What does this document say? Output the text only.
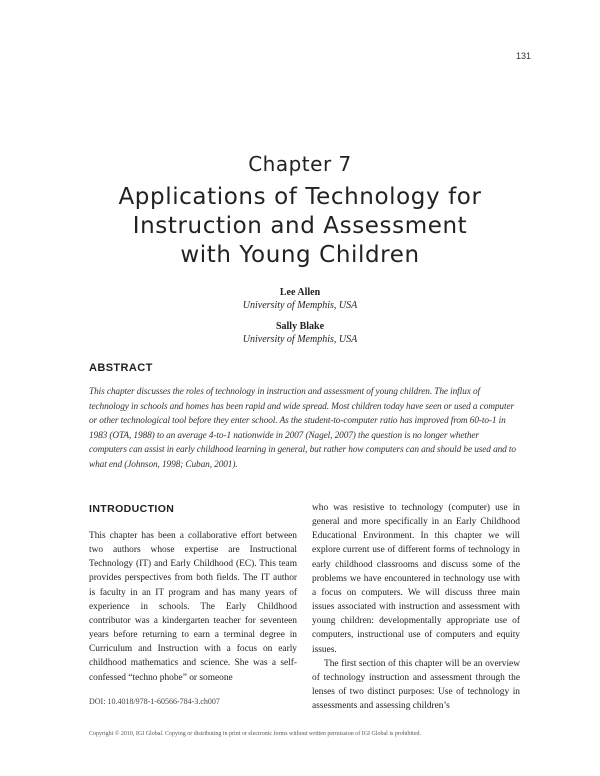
131
Chapter 7
Applications of Technology for
Instruction and Assessment
with Young Children
Lee Allen
University of Memphis, USA
Sally Blake
University of Memphis, USA
ABSTRACT
This chapter discusses the roles of technology in instruction and assessment of young children. The influx of technology in schools and homes has been rapid and wide spread. Most children today have seen or used a computer or other technological tool before they enter school. As the student-to-computer ratio has improved from 60-to-1 in 1983 (OTA, 1988) to an average 4-to-1 nationwide in 2007 (Nagel, 2007) the question is no longer whether computers can assist in early childhood learning in general, but rather how computers can and should be used and to what end (Johnson, 1998; Cuban, 2001).
INTRODUCTION

This chapter has been a collaborative effort between two authors whose expertise are Instructional Technology (IT) and Early Childhood (EC). This team provides perspectives from both fields. The IT author is faculty in an IT program and has many years of experience in schools. The Early Childhood contributor was a kindergarten teacher for seventeen years before returning to earn a terminal degree in Curriculum and Instruction with a focus on early childhood mathematics and science. She was a self-confessed “techno phobe” or someone

who was resistive to technology (computer) use in general and more specifically in an Early Childhood Educational Environment. In this chapter we will explore current use of different forms of technology in early childhood classrooms and discuss some of the problems we have encountered in technology use with a focus on computers. We will discuss three main issues associated with instruction and assessment with young children: developmentally appropriate use of computers, instructional use of computers and equity issues.

The first section of this chapter will be an overview of technology instruction and assessment through the lenses of two distinct purposes: Use of technology in assessments and assessing children’s

DOI: 10.4018/978-1-60566-784-3.ch007
Copyright © 2010, IGI Global. Copying or distributing in print or electronic forms without written permission of IGI Global is prohibited.
